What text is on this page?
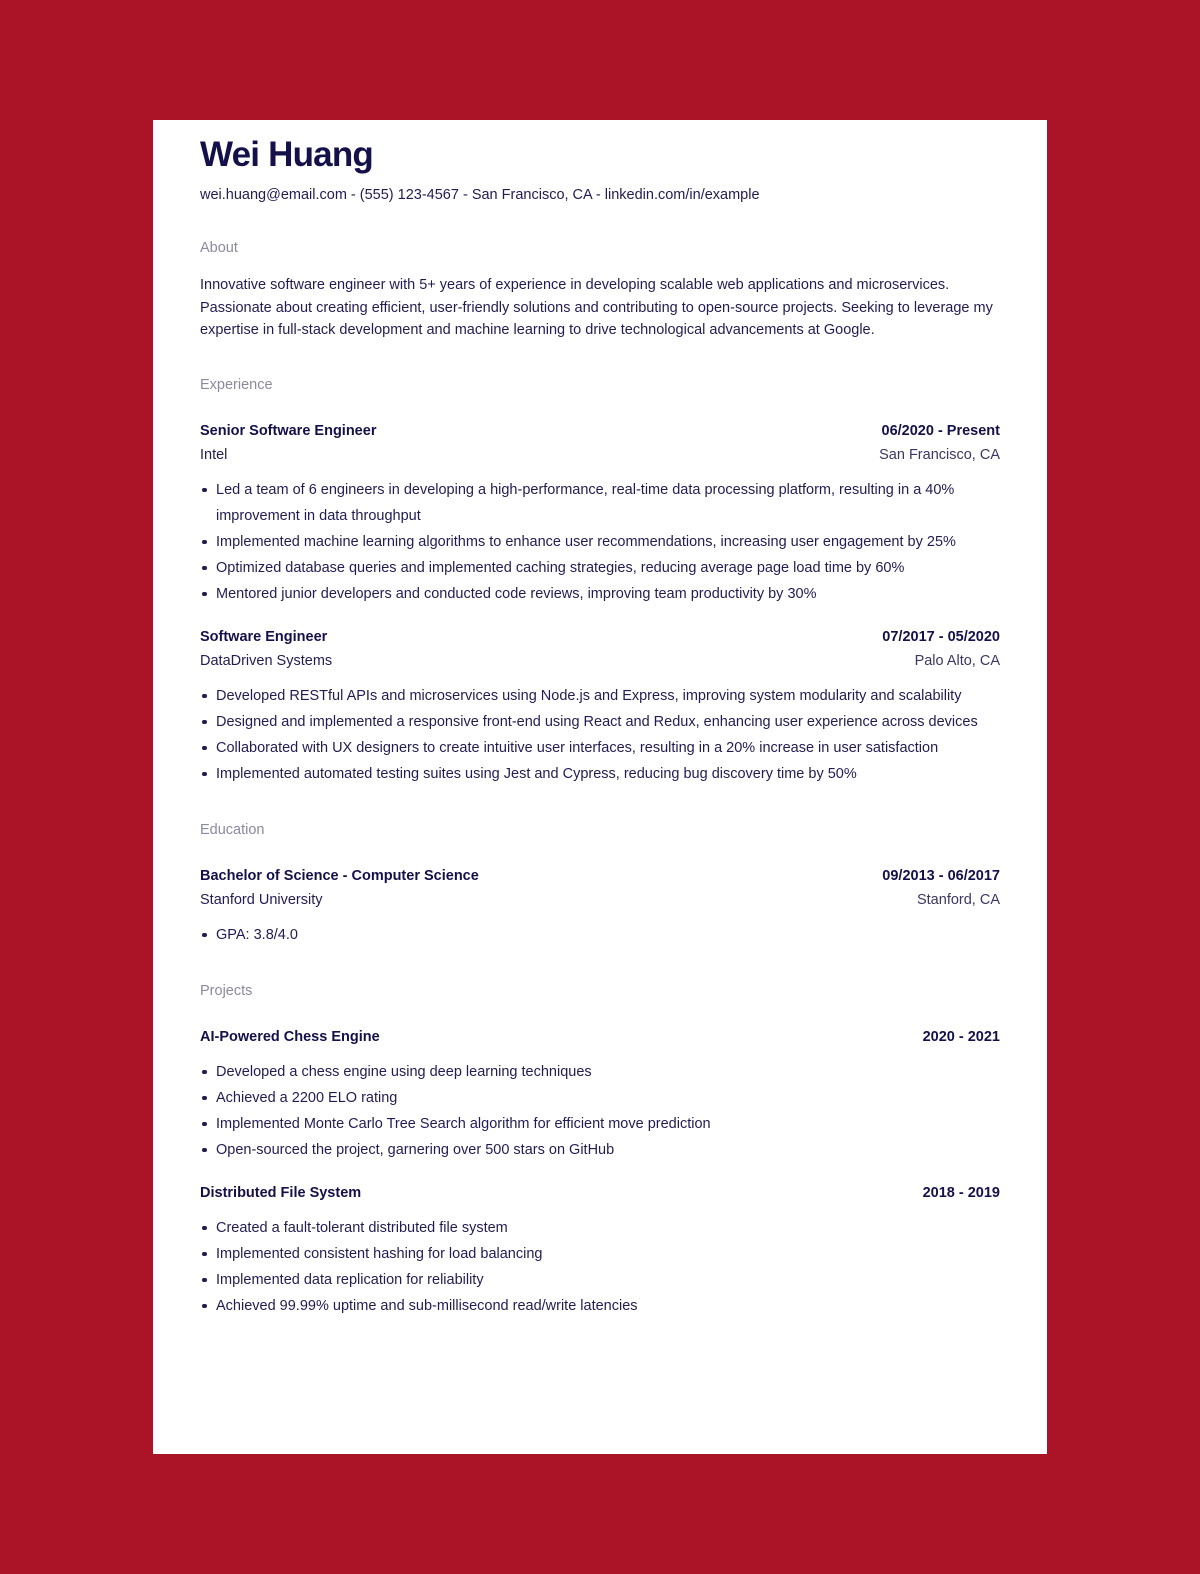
Wei Huang
wei.huang@email.com - (555) 123-4567 - San Francisco, CA - linkedin.com/in/example
About
Innovative software engineer with 5+ years of experience in developing scalable web applications and microservices. Passionate about creating efficient, user-friendly solutions and contributing to open-source projects. Seeking to leverage my expertise in full-stack development and machine learning to drive technological advancements at Google.
Experience
Senior Software Engineer	06/2020 - Present
Intel	San Francisco, CA
Led a team of 6 engineers in developing a high-performance, real-time data processing platform, resulting in a 40% improvement in data throughput
Implemented machine learning algorithms to enhance user recommendations, increasing user engagement by 25%
Optimized database queries and implemented caching strategies, reducing average page load time by 60%
Mentored junior developers and conducted code reviews, improving team productivity by 30%
Software Engineer	07/2017 - 05/2020
DataDriven Systems	Palo Alto, CA
Developed RESTful APIs and microservices using Node.js and Express, improving system modularity and scalability
Designed and implemented a responsive front-end using React and Redux, enhancing user experience across devices
Collaborated with UX designers to create intuitive user interfaces, resulting in a 20% increase in user satisfaction
Implemented automated testing suites using Jest and Cypress, reducing bug discovery time by 50%
Education
Bachelor of Science - Computer Science	09/2013 - 06/2017
Stanford University	Stanford, CA
GPA: 3.8/4.0
Projects
AI-Powered Chess Engine	2020 - 2021
Developed a chess engine using deep learning techniques
Achieved a 2200 ELO rating
Implemented Monte Carlo Tree Search algorithm for efficient move prediction
Open-sourced the project, garnering over 500 stars on GitHub
Distributed File System	2018 - 2019
Created a fault-tolerant distributed file system
Implemented consistent hashing for load balancing
Implemented data replication for reliability
Achieved 99.99% uptime and sub-millisecond read/write latencies
